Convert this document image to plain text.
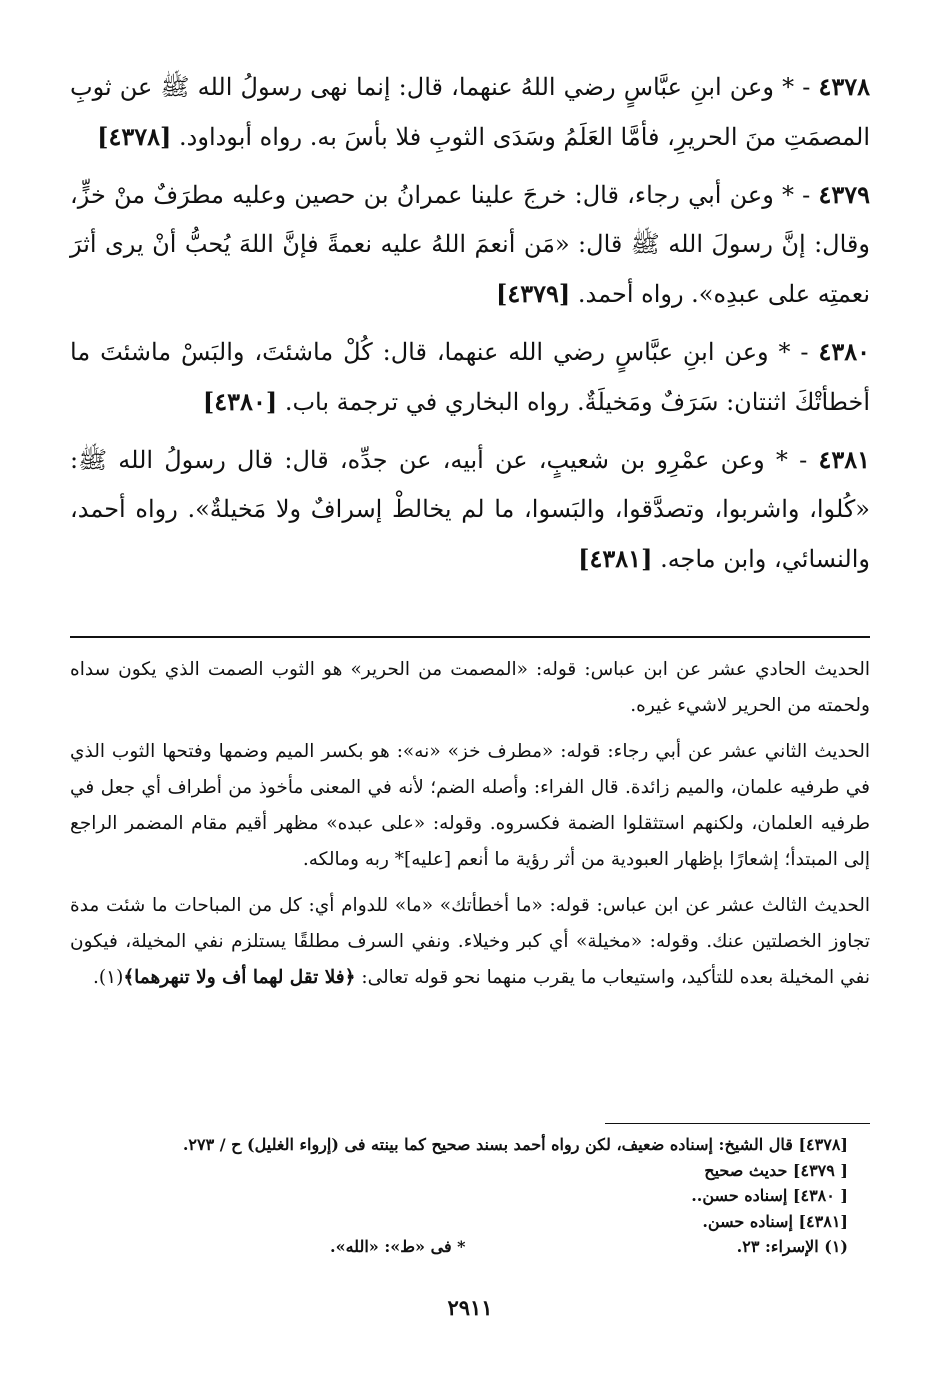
٤٣٧٨ - * وعن ابنِ عبَّاسٍ رضي اللهُ عنهما، قال: إنما نهى رسولُ الله ﷺ عن ثوبِ المصمَتِ منَ الحريرِ، فأمَّا العَلَمُ وسَدَى الثوبِ فلا بأسَ به. رواه أبوداود. [٤٣٧٨]

٤٣٧٩ - * وعن أبي رجاء، قال: خرجَ علينا عمرانُ بن حصين وعليه مطرَفٌ منْ خزٍّ، وقال: إنَّ رسولَ الله ﷺ قال: «مَن أنعمَ اللهُ عليه نعمةً فإنَّ اللهَ يُحبُّ أنْ يرى أثرَ نعمتِه على عبدِه». رواه أحمد. [٤٣٧٩]

٤٣٨٠ - * وعن ابنِ عبَّاسٍ رضي الله عنهما، قال: كُلْ ماشئتَ، والبَسْ ماشئتَ ما أخطأتْكَ اثنتان: سَرَفٌ ومَخيلَةٌ. رواه البخاري في ترجمة باب. [٤٣٨٠]

٤٣٨١ - * وعن عمْرِو بن شعيبٍ، عن أبيه، عن جدِّه، قال: قال رسولُ الله ﷺ: «كُلوا، واشربوا، وتصدَّقوا، والبَسوا، ما لم يخالطْ إسرافٌ ولا مَخيلةٌ». رواه أحمد، والنسائي، وابن ماجه. [٤٣٨١]

الحديث الحادي عشر عن ابن عباس: قوله: «المصمت من الحرير» هو الثوب الصمت الذي يكون سداه ولحمته من الحرير لاشيء غيره.

الحديث الثاني عشر عن أبي رجاء: قوله: «مطرف خز» «نه»: هو بكسر الميم وضمها وفتحها الثوب الذي في طرفيه علمان، والميم زائدة. قال الفراء: وأصله الضم؛ لأنه في المعنى مأخوذ من أطراف أي جعل في طرفيه العلمان، ولكنهم استثقلوا الضمة فكسروه. وقوله: «على عبده» مظهر أقيم مقام المضمر الراجع إلى المبتدأ؛ إشعارًا بإظهار العبودية من أثر رؤية ما أنعم [عليه]* ربه ومالكه.

الحديث الثالث عشر عن ابن عباس: قوله: «ما أخطأتك» «ما» للدوام أي: كل من المباحات ما شئت مدة تجاوز الخصلتين عنك. وقوله: «مخيلة» أي كبر وخيلاء. ونفي السرف مطلقًا يستلزم نفي المخيلة، فيكون نفي المخيلة بعده للتأكيد، واستيعاب ما يقرب منهما نحو قوله تعالى: ﴿فلا تقل لهما أف ولا تنهرهما﴾(١).

[٤٣٧٨] قال الشيخ: إسناده ضعيف، لكن رواه أحمد بسند صحيح كما بينته فى (إرواء الغليل) ح / ٢٧٣.
[ ٤٣٧٩] حديث صحيح
[ ٤٣٨٠] إسناده حسن..
[٤٣٨١] إسناده حسن.
(١) الإسراء: ٢٣.
* فى «ط»: «الله».
٢٩١١
